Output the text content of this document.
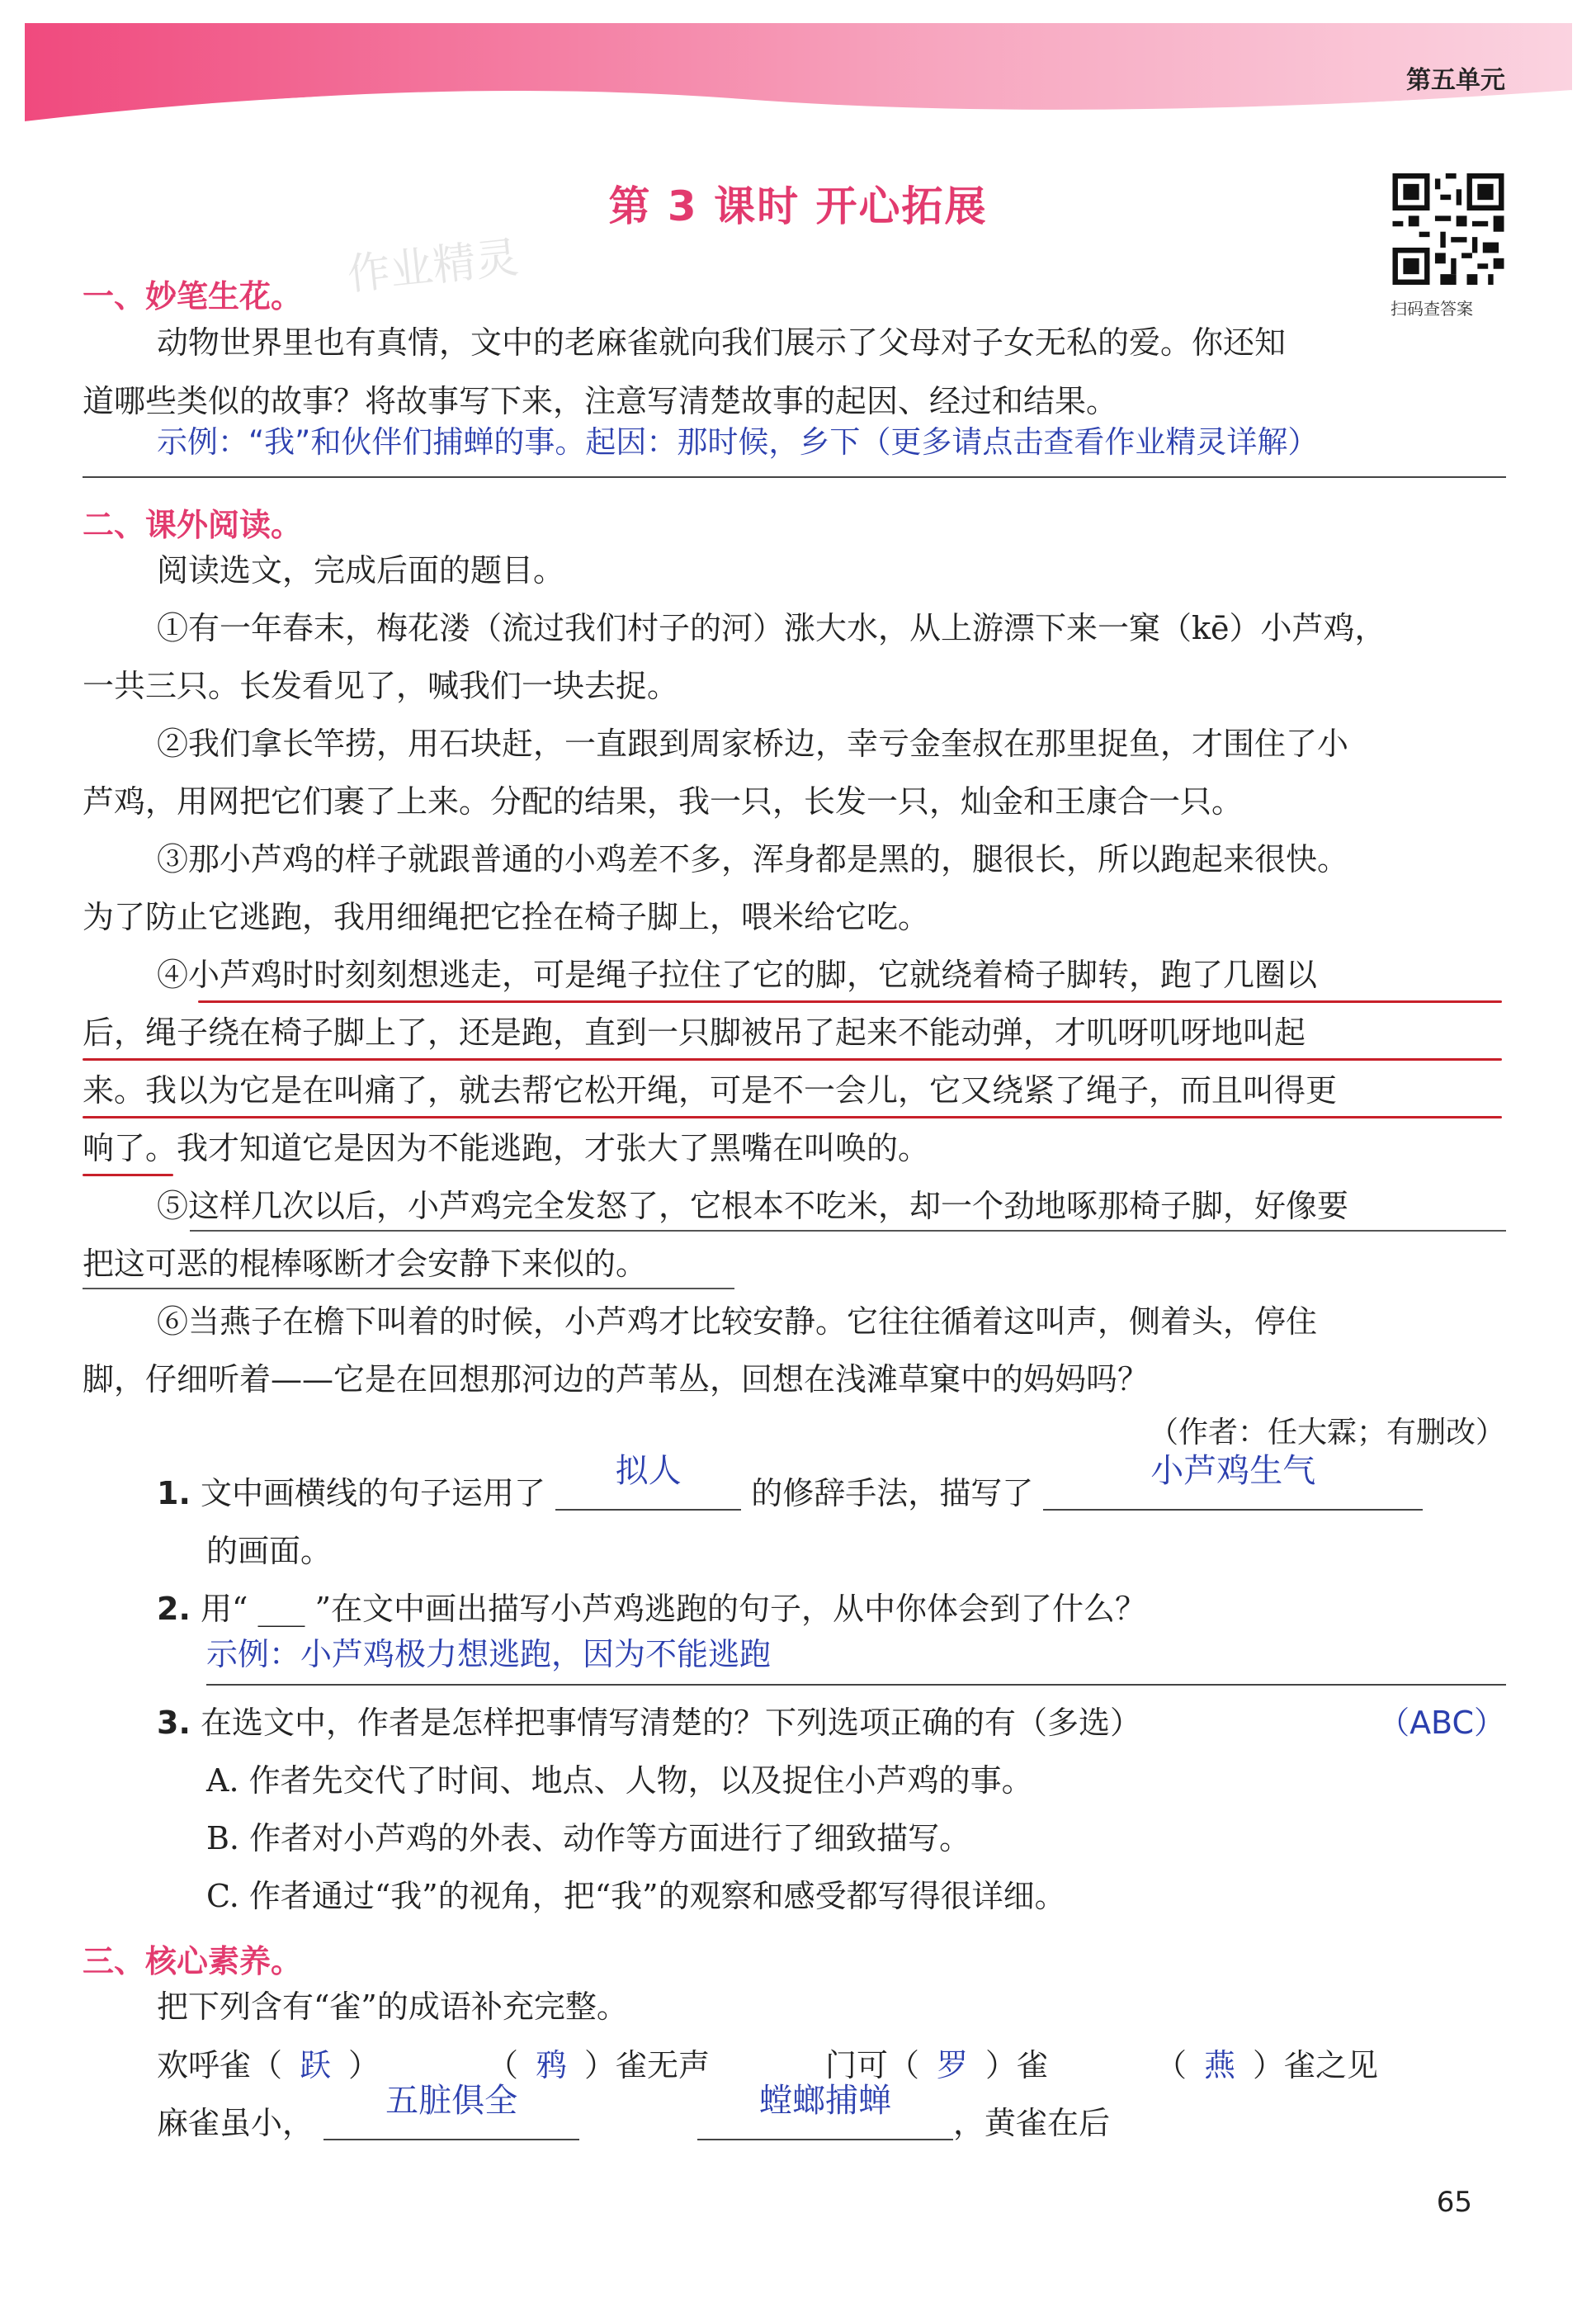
第五单元
第 3 课时 开心拓展
作业精灵
扫码查答案
一、妙笔生花。
动物世界里也有真情，文中的老麻雀就向我们展示了父母对子女无私的爱。你还知
道哪些类似的故事？将故事写下来，注意写清楚故事的起因、经过和结果。
示例：“我”和伙伴们捕蝉的事。起因：那时候，乡下（更多请点击查看作业精灵详解）
二、课外阅读。
阅读选文，完成后面的题目。
①有一年春末，梅花溇（流过我们村子的河）涨大水，从上游漂下来一窠（kē）小芦鸡，
一共三只。长发看见了，喊我们一块去捉。
②我们拿长竿捞，用石块赶，一直跟到周家桥边，幸亏金奎叔在那里捉鱼，才围住了小
芦鸡，用网把它们裹了上来。分配的结果，我一只，长发一只，灿金和王康合一只。
③那小芦鸡的样子就跟普通的小鸡差不多，浑身都是黑的，腿很长，所以跑起来很快。
为了防止它逃跑，我用细绳把它拴在椅子脚上，喂米给它吃。
④小芦鸡时时刻刻想逃走，可是绳子拉住了它的脚，它就绕着椅子脚转，跑了几圈以
后，绳子绕在椅子脚上了，还是跑，直到一只脚被吊了起来不能动弹，才叽呀叽呀地叫起
来。我以为它是在叫痛了，就去帮它松开绳，可是不一会儿，它又绕紧了绳子，而且叫得更
响了。我才知道它是因为不能逃跑，才张大了黑嘴在叫唤的。
⑤这样几次以后，小芦鸡完全发怒了，它根本不吃米，却一个劲地啄那椅子脚，好像要
把这可恶的棍棒啄断才会安静下来似的。
⑥当燕子在檐下叫着的时候，小芦鸡才比较安静。它往往循着这叫声，侧着头，停住
脚，仔细听着——它是在回想那河边的芦苇丛，回想在浅滩草窠中的妈妈吗？
（作者：任大霖；有删改）
1. 文中画横线的句子运用了
拟人
的修辞手法，描写了
小芦鸡生气
的画面。
2. 用“ ___ ”在文中画出描写小芦鸡逃跑的句子，从中你体会到了什么？
示例：小芦鸡极力想逃跑，因为不能逃跑
3. 在选文中，作者是怎样把事情写清楚的？下列选项正确的有（多选）	（ABC）
A. 作者先交代了时间、地点、人物，以及捉住小芦鸡的事。
B. 作者对小芦鸡的外表、动作等方面进行了细致描写。
C. 作者通过“我”的视角，把“我”的观察和感受都写得很详细。
三、核心素养。
把下列含有“雀”的成语补充完整。
欢呼雀（ 跃 ）	（ 鸦 ）雀无声	门可（ 罗 ）雀	（ 燕 ）雀之见
麻雀虽小，
五脏俱全	螳螂捕蝉
，黄雀在后
65
